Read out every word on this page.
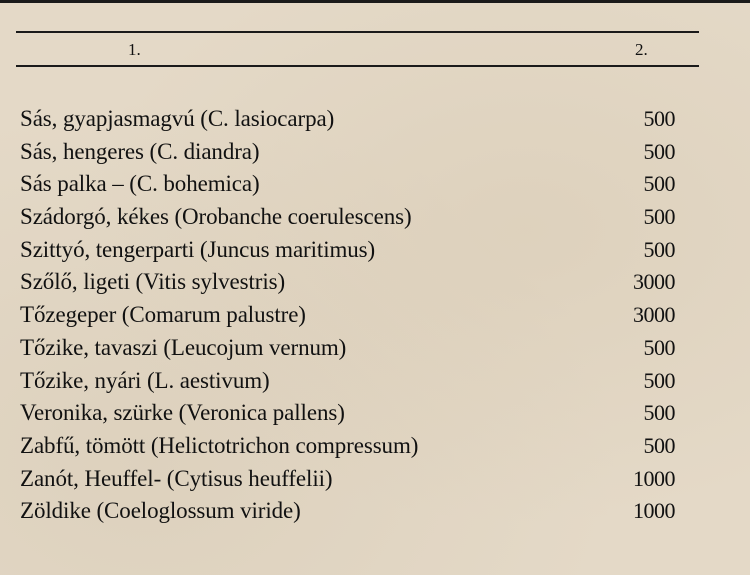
1.	2.
Sás, gyapjasmagvú (C. lasiocarpa)	500
Sás, hengeres (C. diandra)	500
Sás palka – (C. bohemica)	500
Szádorgó, kékes (Orobanche coerulescens)	500
Szittyó, tengerparti (Juncus maritimus)	500
Szőlő, ligeti (Vitis sylvestris)	3000
Tőzegeper (Comarum palustre)	3000
Tőzike, tavaszi (Leucojum vernum)	500
Tőzike, nyári (L. aestivum)	500
Veronika, szürke (Veronica pallens)	500
Zabfű, tömött (Helictotrichon compressum)	500
Zanót, Heuffel- (Cytisus heuffelii)	1000
Zöldike (Coeloglossum viride)	1000
